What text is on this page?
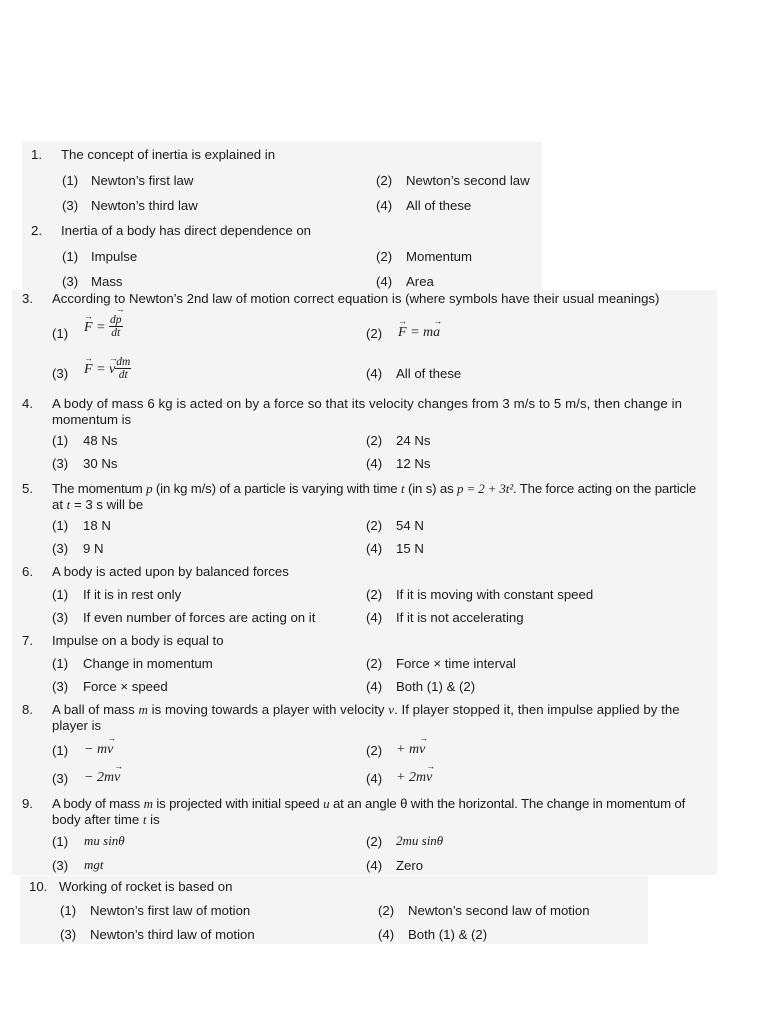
1. The concept of inertia is explained in
(1) Newton’s first law	(2) Newton’s second law
(3) Newton’s third law	(4) All of these
2. Inertia of a body has direct dependence on
(1) Impulse	(2) Momentum
(3) Mass	(4) Area
3. According to Newton’s 2nd law of motion correct equation is (where symbols have their usual meanings)
(1)
→ $F = \frac{d\to p}{dt}$	(2)
→ F = m→ a
(3)
→ F = → v $\frac{dm}{dt}$	(4) All of these
4. A body of mass 6 kg is acted on by a force so that its velocity changes from 3 m/s to 5 m/s, then change in
momentum is
(1) 48 Ns	(2) 24 Ns
(3) 30 Ns	(4) 12 Ns
5. The momentum p (in kg m/s) of a particle is varying with time t (in s) as p = 2 + 3t². The force acting on the particle
at t = 3 s will be
(1) 18 N	(2) 54 N
(3) 9 N	(4) 15 N
6. A body is acted upon by balanced forces
(1) If it is in rest only	(2) If it is moving with constant speed
(3) If even number of forces are acting on it	(4) If it is not accelerating
7. Impulse on a body is equal to
(1) Change in momentum	(2) Force × time interval
(3) Force × speed	(4) Both (1) & (2)
8. A ball of mass m is moving towards a player with velocity v. If player stopped it, then impulse applied by the
player is
(1) − m→ v	(2) + m→ v
(3) − 2m→ v	(4) + 2m→ v
9. A body of mass m is projected with initial speed u at an angle θ with the horizontal. The change in momentum of
body after time t is
(1) mu sinθ	(2) 2mu sinθ
(3) mgt	(4) Zero
10. Working of rocket is based on
(1) Newton’s first law of motion	(2) Newton’s second law of motion
(3) Newton’s third law of motion	(4) Both (1) & (2)
